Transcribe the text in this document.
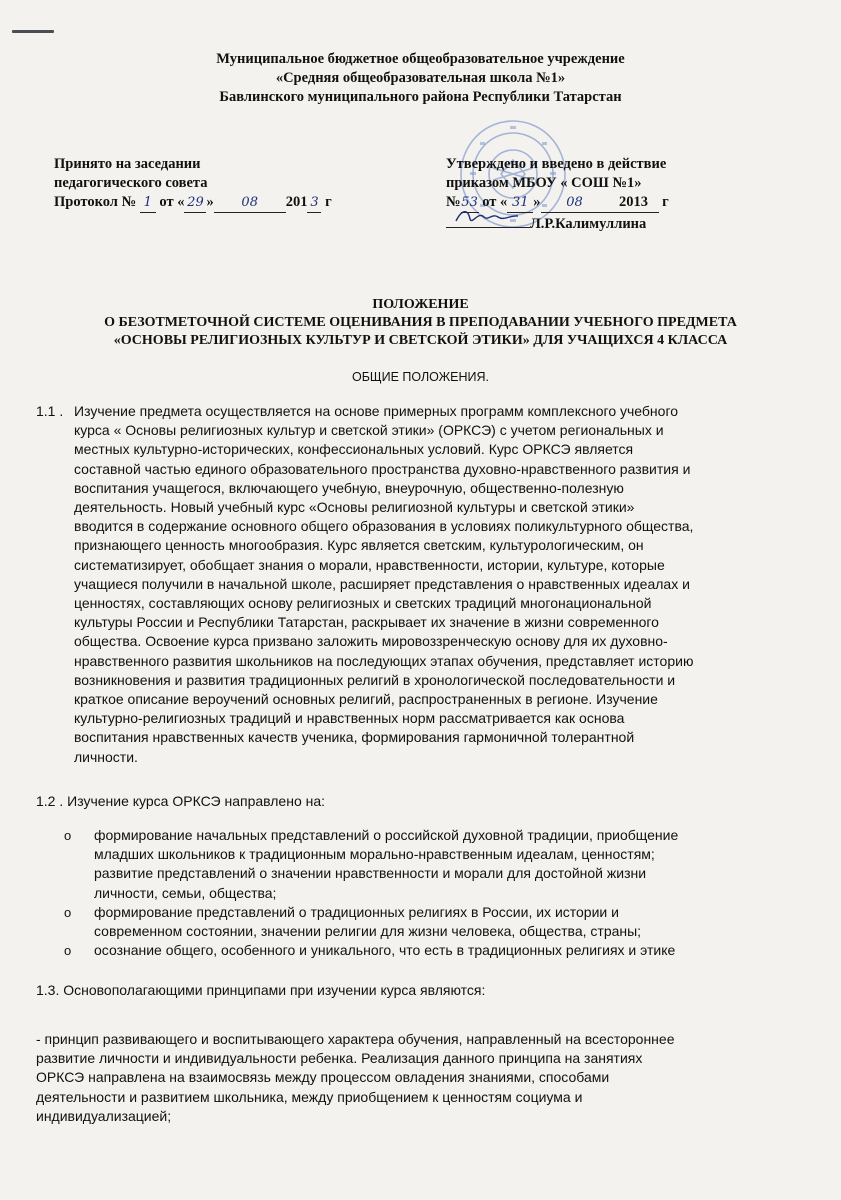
Муниципальное бюджетное общеобразовательное учреждение
«Средняя общеобразовательная школа №1»
Бавлинского муниципального района Республики Татарстан
Принято на заседании
педагогического совета
Протокол № 1 от « 29 » 08 201 3 г
Утверждено и введено в действие
приказом МБОУ « СОШ №1»
№53 от « 31 » 08 2013 г
Л.Р.Калимуллина
ПОЛОЖЕНИЕ
О БЕЗОТМЕТОЧНОЙ СИСТЕМЕ ОЦЕНИВАНИЯ В ПРЕПОДАВАНИИ УЧЕБНОГО ПРЕДМЕТА
«ОСНОВЫ РЕЛИГИОЗНЫХ КУЛЬТУР И СВЕТСКОЙ ЭТИКИ» ДЛЯ УЧАЩИХСЯ 4 КЛАССА
ОБЩИЕ ПОЛОЖЕНИЯ.
1.1 . Изучение предмета осуществляется на основе примерных программ комплексного учебного
курса « Основы религиозных культур и светской этики» (ОРКСЭ) с учетом региональных и
местных культурно-исторических, конфессиональных условий. Курс ОРКСЭ является
составной частью единого образовательного пространства духовно-нравственного развития и
воспитания учащегося, включающего учебную, внеурочную, общественно-полезную
деятельность. Новый учебный курс «Основы религиозной культуры и светской этики»
вводится в содержание основного общего образования в условиях поликультурного общества,
признающего ценность многообразия. Курс является светским, культурологическим, он
систематизирует, обобщает знания о морали, нравственности, истории, культуре, которые
учащиеся получили в начальной школе, расширяет представления о нравственных идеалах и
ценностях, составляющих основу религиозных и светских традиций многонациональной
культуры России и Республики Татарстан, раскрывает их значение в жизни современного
общества. Освоение курса призвано заложить мировоззренческую основу для их духовно-
нравственного развития школьников на последующих этапах обучения, представляет историю
возникновения и развития традиционных религий в хронологической последовательности и
краткое описание вероучений основных религий, распространенных в регионе. Изучение
культурно-религиозных традиций и нравственных норм рассматривается как основа
воспитания нравственных качеств ученика, формирования гармоничной толерантной
личности.
1.2 . Изучение курса ОРКСЭ направлено на:
o формирование начальных представлений о российской духовной традиции, приобщение
младших школьников к традиционным морально-нравственным идеалам, ценностям;
развитие представлений о значении нравственности и морали для достойной жизни
личности, семьи, общества;
o формирование представлений о традиционных религиях в России, их истории и
современном состоянии, значении религии для жизни человека, общества, страны;
o осознание общего, особенного и уникального, что есть в традиционных религиях и этике
1.3. Основополагающими принципами при изучении курса являются:
- принцип развивающего и воспитывающего характера обучения, направленный на всестороннее
развитие личности и индивидуальности ребенка. Реализация данного принципа на занятиях
ОРКСЭ направлена на взаимосвязь между процессом овладения знаниями, способами
деятельности и развитием школьника, между приобщением к ценностям социума и
индивидуализацией;
